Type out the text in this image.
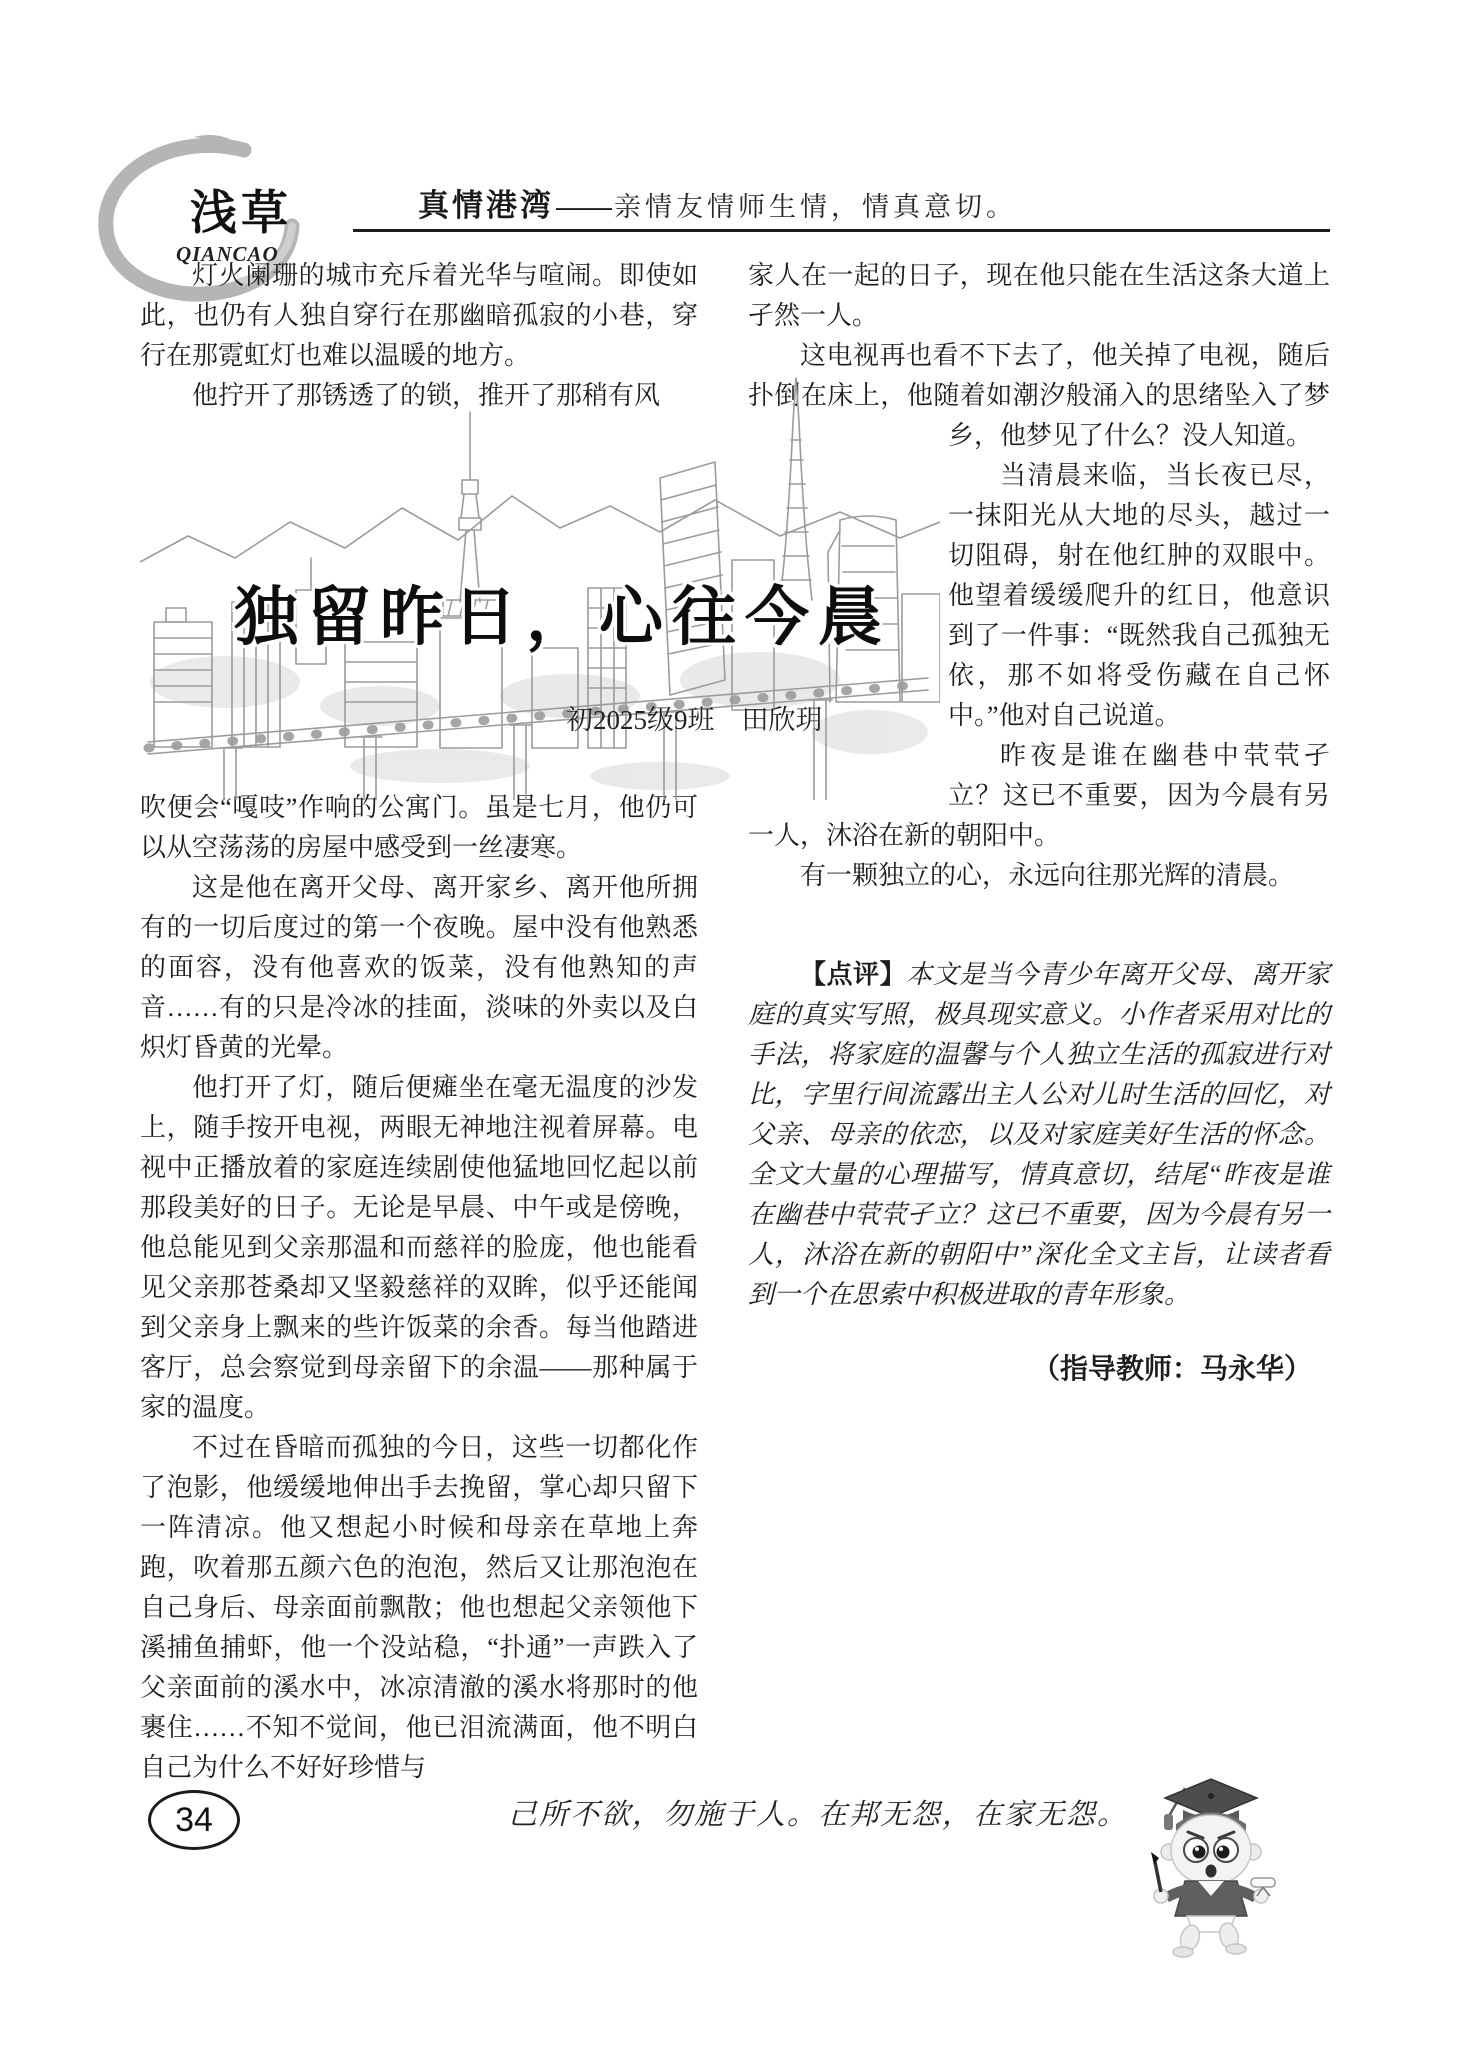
浅草
QIANCAO
真情港湾——亲情友情师生情，情真意切。

灯火阑珊的城市充斥着光华与喧闹。即使如此，也仍有人独自穿行在那幽暗孤寂的小巷，穿行在那霓虹灯也难以温暖的地方。

他拧开了那锈透了的锁，推开了那稍有风

独留昨日，心往今晨
初2025级9班　田欣玥

吹便会“嘎吱”作响的公寓门。虽是七月，他仍可以从空荡荡的房屋中感受到一丝凄寒。

这是他在离开父母、离开家乡、离开他所拥有的一切后度过的第一个夜晚。屋中没有他熟悉的面容，没有他喜欢的饭菜，没有他熟知的声音……有的只是冷冰的挂面，淡味的外卖以及白炽灯昏黄的光晕。

他打开了灯，随后便瘫坐在毫无温度的沙发上，随手按开电视，两眼无神地注视着屏幕。电视中正播放着的家庭连续剧使他猛地回忆起以前那段美好的日子。无论是早晨、中午或是傍晚，他总能见到父亲那温和而慈祥的脸庞，他也能看见父亲那苍桑却又坚毅慈祥的双眸，似乎还能闻到父亲身上飘来的些许饭菜的余香。每当他踏进客厅，总会察觉到母亲留下的余温——那种属于家的温度。

不过在昏暗而孤独的今日，这些一切都化作了泡影，他缓缓地伸出手去挽留，掌心却只留下一阵清凉。他又想起小时候和母亲在草地上奔跑，吹着那五颜六色的泡泡，然后又让那泡泡在自己身后、母亲面前飘散；他也想起父亲领他下溪捕鱼捕虾，他一个没站稳，“扑通”一声跌入了父亲面前的溪水中，冰凉清澈的溪水将那时的他裹住……不知不觉间，他已泪流满面，他不明白自己为什么不好好珍惜与

家人在一起的日子，现在他只能在生活这条大道上孑然一人。

这电视再也看不下去了，他关掉了电视，随后扑倒在床上，他随着如潮汐般涌入的思绪
坠入了梦乡，他梦见了什么？没人知道。

当清晨来临，当长夜已尽，一抹阳光从大地的尽头，越过一切阻碍，射在他红肿的双眼中。他望着缓缓爬升的红日，他意识到了一件事：“既然我自己孤独无依，那不如将受伤藏在自己怀中。”他对自己说道。

昨夜是谁在幽巷中茕茕孑立？这已不重要，因为今晨有另一人，沐浴在新的朝阳中。

有一颗独立的心，永远向往那光辉的清晨。

【点评】本文是当今青少年离开父母、离开家庭的真实写照，极具现实意义。小作者采用对比的手法，将家庭的温馨与个人独立生活的孤寂进行对比，字里行间流露出主人公对儿时生活的回忆，对父亲、母亲的依恋，以及对家庭美好生活的怀念。全文大量的心理描写，情真意切，结尾“昨夜是谁在幽巷中茕茕孑立？这已不重要，因为今晨有另一人，沐浴在新的朝阳中”深化全文主旨，让读者看到一个在思索中积极进取的青年形象。

（指导教师：马永华）

34	己所不欲，勿施于人。在邦无怨，在家无怨。
